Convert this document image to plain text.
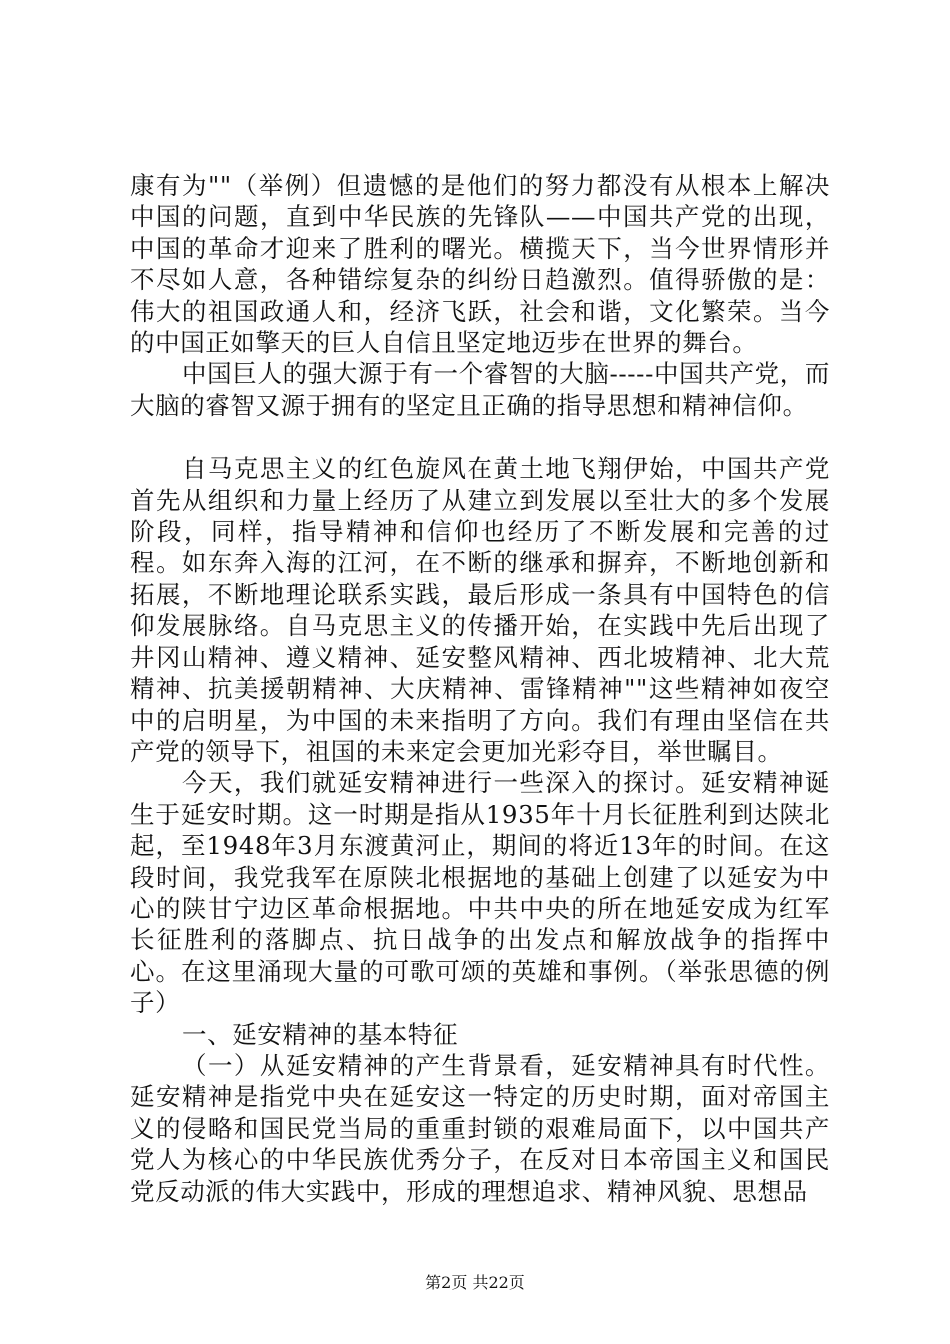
康有为""（举例）但遗憾的是他们的努力都没有从根本上解决中国的问题，直到中华民族的先锋队——中国共产党的出现，中国的革命才迎来了胜利的曙光。横揽天下，当今世界情形并不尽如人意，各种错综复杂的纠纷日趋激烈。值得骄傲的是：伟大的祖国政通人和，经济飞跃，社会和谐，文化繁荣。当今的中国正如擎天的巨人自信且坚定地迈步在世界的舞台。

中国巨人的强大源于有一个睿智的大脑-----中国共产党，而大脑的睿智又源于拥有的坚定且正确的指导思想和精神信仰。

自马克思主义的红色旋风在黄土地飞翔伊始，中国共产党首先从组织和力量上经历了从建立到发展以至壮大的多个发展阶段，同样，指导精神和信仰也经历了不断发展和完善的过程。如东奔入海的江河，在不断的继承和摒弃，不断地创新和拓展，不断地理论联系实践，最后形成一条具有中国特色的信仰发展脉络。自马克思主义的传播开始，在实践中先后出现了井冈山精神、遵义精神、延安整风精神、西北坡精神、北大荒精神、抗美援朝精神、大庆精神、雷锋精神""这些精神如夜空中的启明星，为中国的未来指明了方向。我们有理由坚信在共产党的领导下，祖国的未来定会更加光彩夺目，举世瞩目。

今天，我们就延安精神进行一些深入的探讨。延安精神诞生于延安时期。这一时期是指从1935年十月长征胜利到达陕北起，至1948年3月东渡黄河止，期间的将近13年的时间。在这段时间，我党我军在原陕北根据地的基础上创建了以延安为中心的陕甘宁边区革命根据地。中共中央的所在地延安成为红军长征胜利的落脚点、抗日战争的出发点和解放战争的指挥中心。在这里涌现大量的可歌可颂的英雄和事例。（举张思德的例子）

一、延安精神的基本特征

（一）从延安精神的产生背景看，延安精神具有时代性。延安精神是指党中央在延安这一特定的历史时期，面对帝国主义的侵略和国民党当局的重重封锁的艰难局面下，以中国共产党人为核心的中华民族优秀分子，在反对日本帝国主义和国民党反动派的伟大实践中，形成的理想追求、精神风貌、思想品

第2页 共22页
